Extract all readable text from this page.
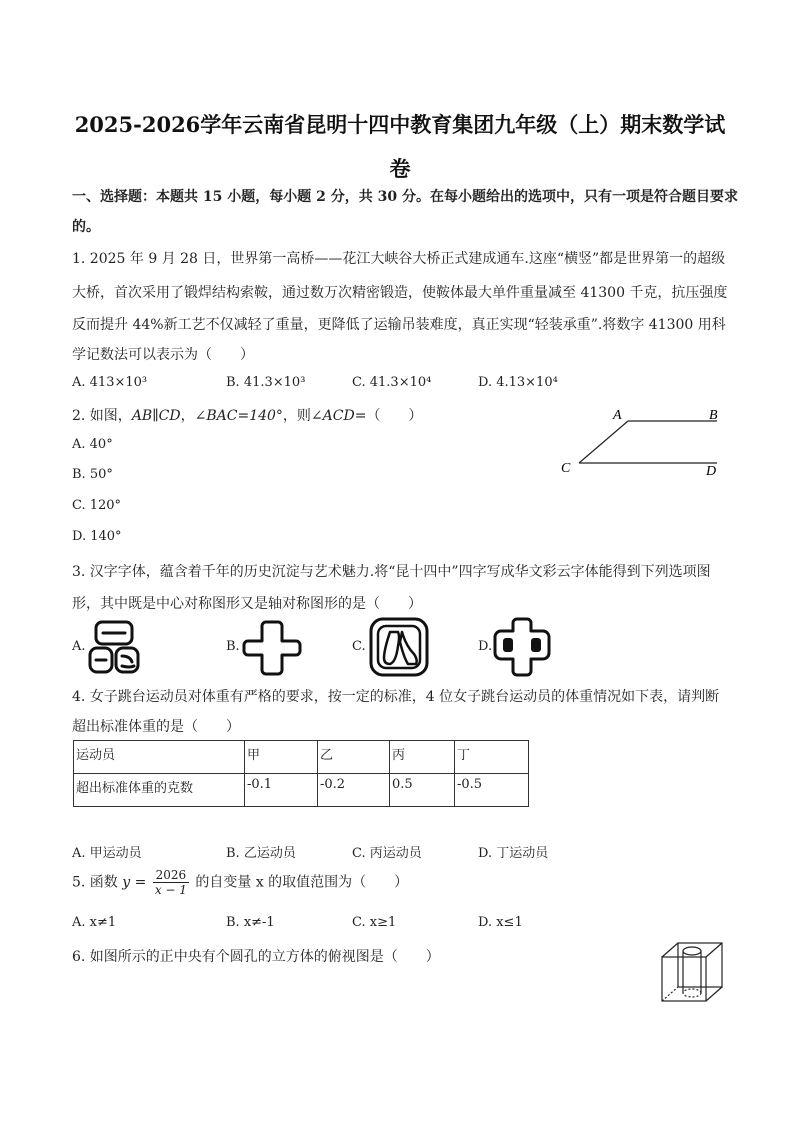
2025-2026学年云南省昆明十四中教育集团九年级（上）期末数学试
卷
一、选择题：本题共 15 小题，每小题 2 分，共 30 分。在每小题给出的选项中，只有一项是符合题目要求
的。
1. 2025 年 9 月 28 日，世界第一高桥——花江大峡谷大桥正式建成通车.这座“横竖”都是世界第一的超级
大桥，首次采用了锻焊结构索鞍，通过数万次精密锻造，使鞍体最大单件重量减至 41300 千克，抗压强度
反而提升 44%新工艺不仅减轻了重量，更降低了运输吊装难度，真正实现“轻装承重”.将数字 41300 用科
学记数法可以表示为（　　）
A. 413×10³	B. 41.3×10³	C. 41.3×10⁴	D. 4.13×10⁴
2. 如图，AB∥CD，∠BAC=140°，则∠ACD=（　　）
A. 40°
B. 50°
C. 120°
D. 140°
A	B
C	D
3. 汉字字体，蕴含着千年的历史沉淀与艺术魅力.将“昆十四中”四字写成华文彩云字体能得到下列选项图
形，其中既是中心对称图形又是轴对称图形的是（　　）
A.	B.	C.	D.
昆	十
四	中
4. 女子跳台运动员对体重有严格的要求，按一定的标准，4 位女子跳台运动员的体重情况如下表，请判断
超出标准体重的是（　　）
运动员	甲	乙	丙	丁
超出标准体重的克数	-0.1	-0.2	0.5	-0.5
A. 甲运动员	B. 乙运动员	C. 丙运动员	D. 丁运动员
5. 函数 $y = \frac{2026}{x - 1}$ 的自变量 x 的取值范围为（　　）
A. x≠1	B. x≠-1	C. x≥1	D. x≤1
6. 如图所示的正中央有个圆孔的立方体的俯视图是（　　）
